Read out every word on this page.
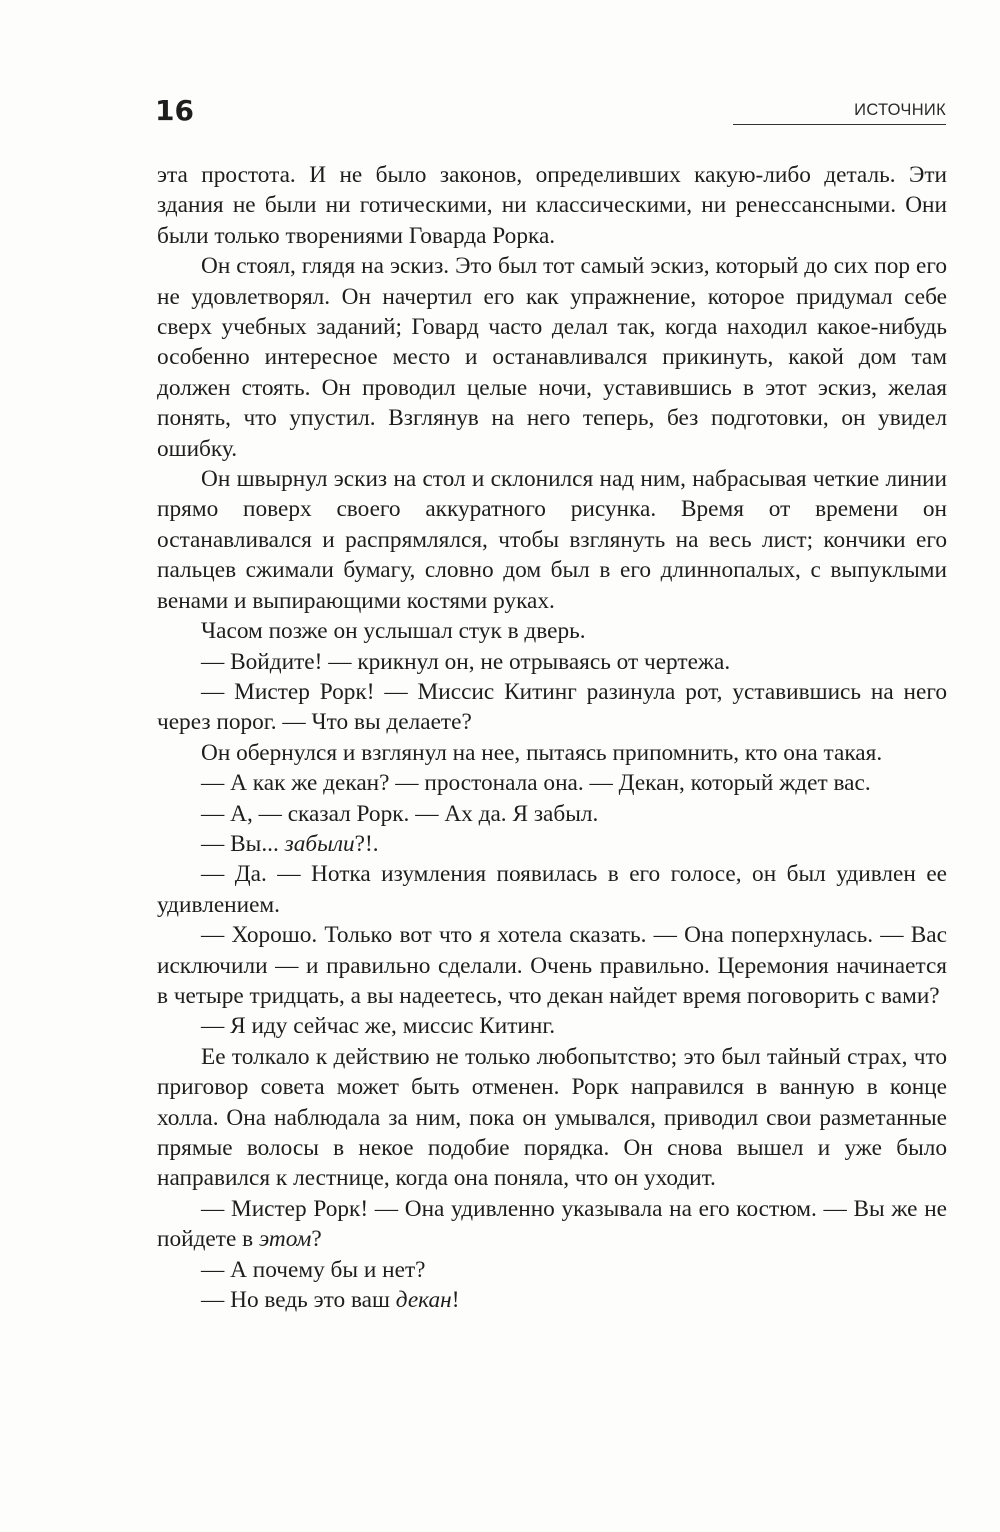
16	ИСТОЧНИК

эта простота. И не было законов, определивших какую-либо деталь. Эти здания не были ни готическими, ни классическими, ни ренессансными. Они были только творениями Говарда Рорка.

Он стоял, глядя на эскиз. Это был тот самый эскиз, который до сих пор его не удовлетворял. Он начертил его как упражнение, которое придумал себе сверх учебных заданий; Говард часто делал так, когда находил какое-нибудь особенно интересное место и останавливался прикинуть, какой дом там должен стоять. Он проводил целые ночи, уставившись в этот эскиз, желая понять, что упустил. Взглянув на него теперь, без подготовки, он увидел ошибку.

Он швырнул эскиз на стол и склонился над ним, набрасывая четкие линии прямо поверх своего аккуратного рисунка. Время от времени он останавливался и распрямлялся, чтобы взглянуть на весь лист; кончики его пальцев сжимали бумагу, словно дом был в его длиннопалых, с выпуклыми венами и выпирающими костями руках.

Часом позже он услышал стук в дверь.

— Войдите! — крикнул он, не отрываясь от чертежа.

— Мистер Рорк! — Миссис Китинг разинула рот, уставившись на него через порог. — Что вы делаете?

Он обернулся и взглянул на нее, пытаясь припомнить, кто она такая.

— А как же декан? — простонала она. — Декан, который ждет вас.

— А, — сказал Рорк. — Ах да. Я забыл.

— Вы... забыли?!.

— Да. — Нотка изумления появилась в его голосе, он был удивлен ее удивлением.

— Хорошо. Только вот что я хотела сказать. — Она поперхнулась. — Вас исключили — и правильно сделали. Очень правильно. Церемония начинается в четыре тридцать, а вы надеетесь, что декан найдет время поговорить с вами?

— Я иду сейчас же, миссис Китинг.

Ее толкало к действию не только любопытство; это был тайный страх, что приговор совета может быть отменен. Рорк направился в ванную в конце холла. Она наблюдала за ним, пока он умывался, приводил свои разметанные прямые волосы в некое подобие порядка. Он снова вышел и уже было направился к лестнице, когда она поняла, что он уходит.

— Мистер Рорк! — Она удивленно указывала на его костюм. — Вы же не пойдете в этом?

— А почему бы и нет?

— Но ведь это ваш декан!
